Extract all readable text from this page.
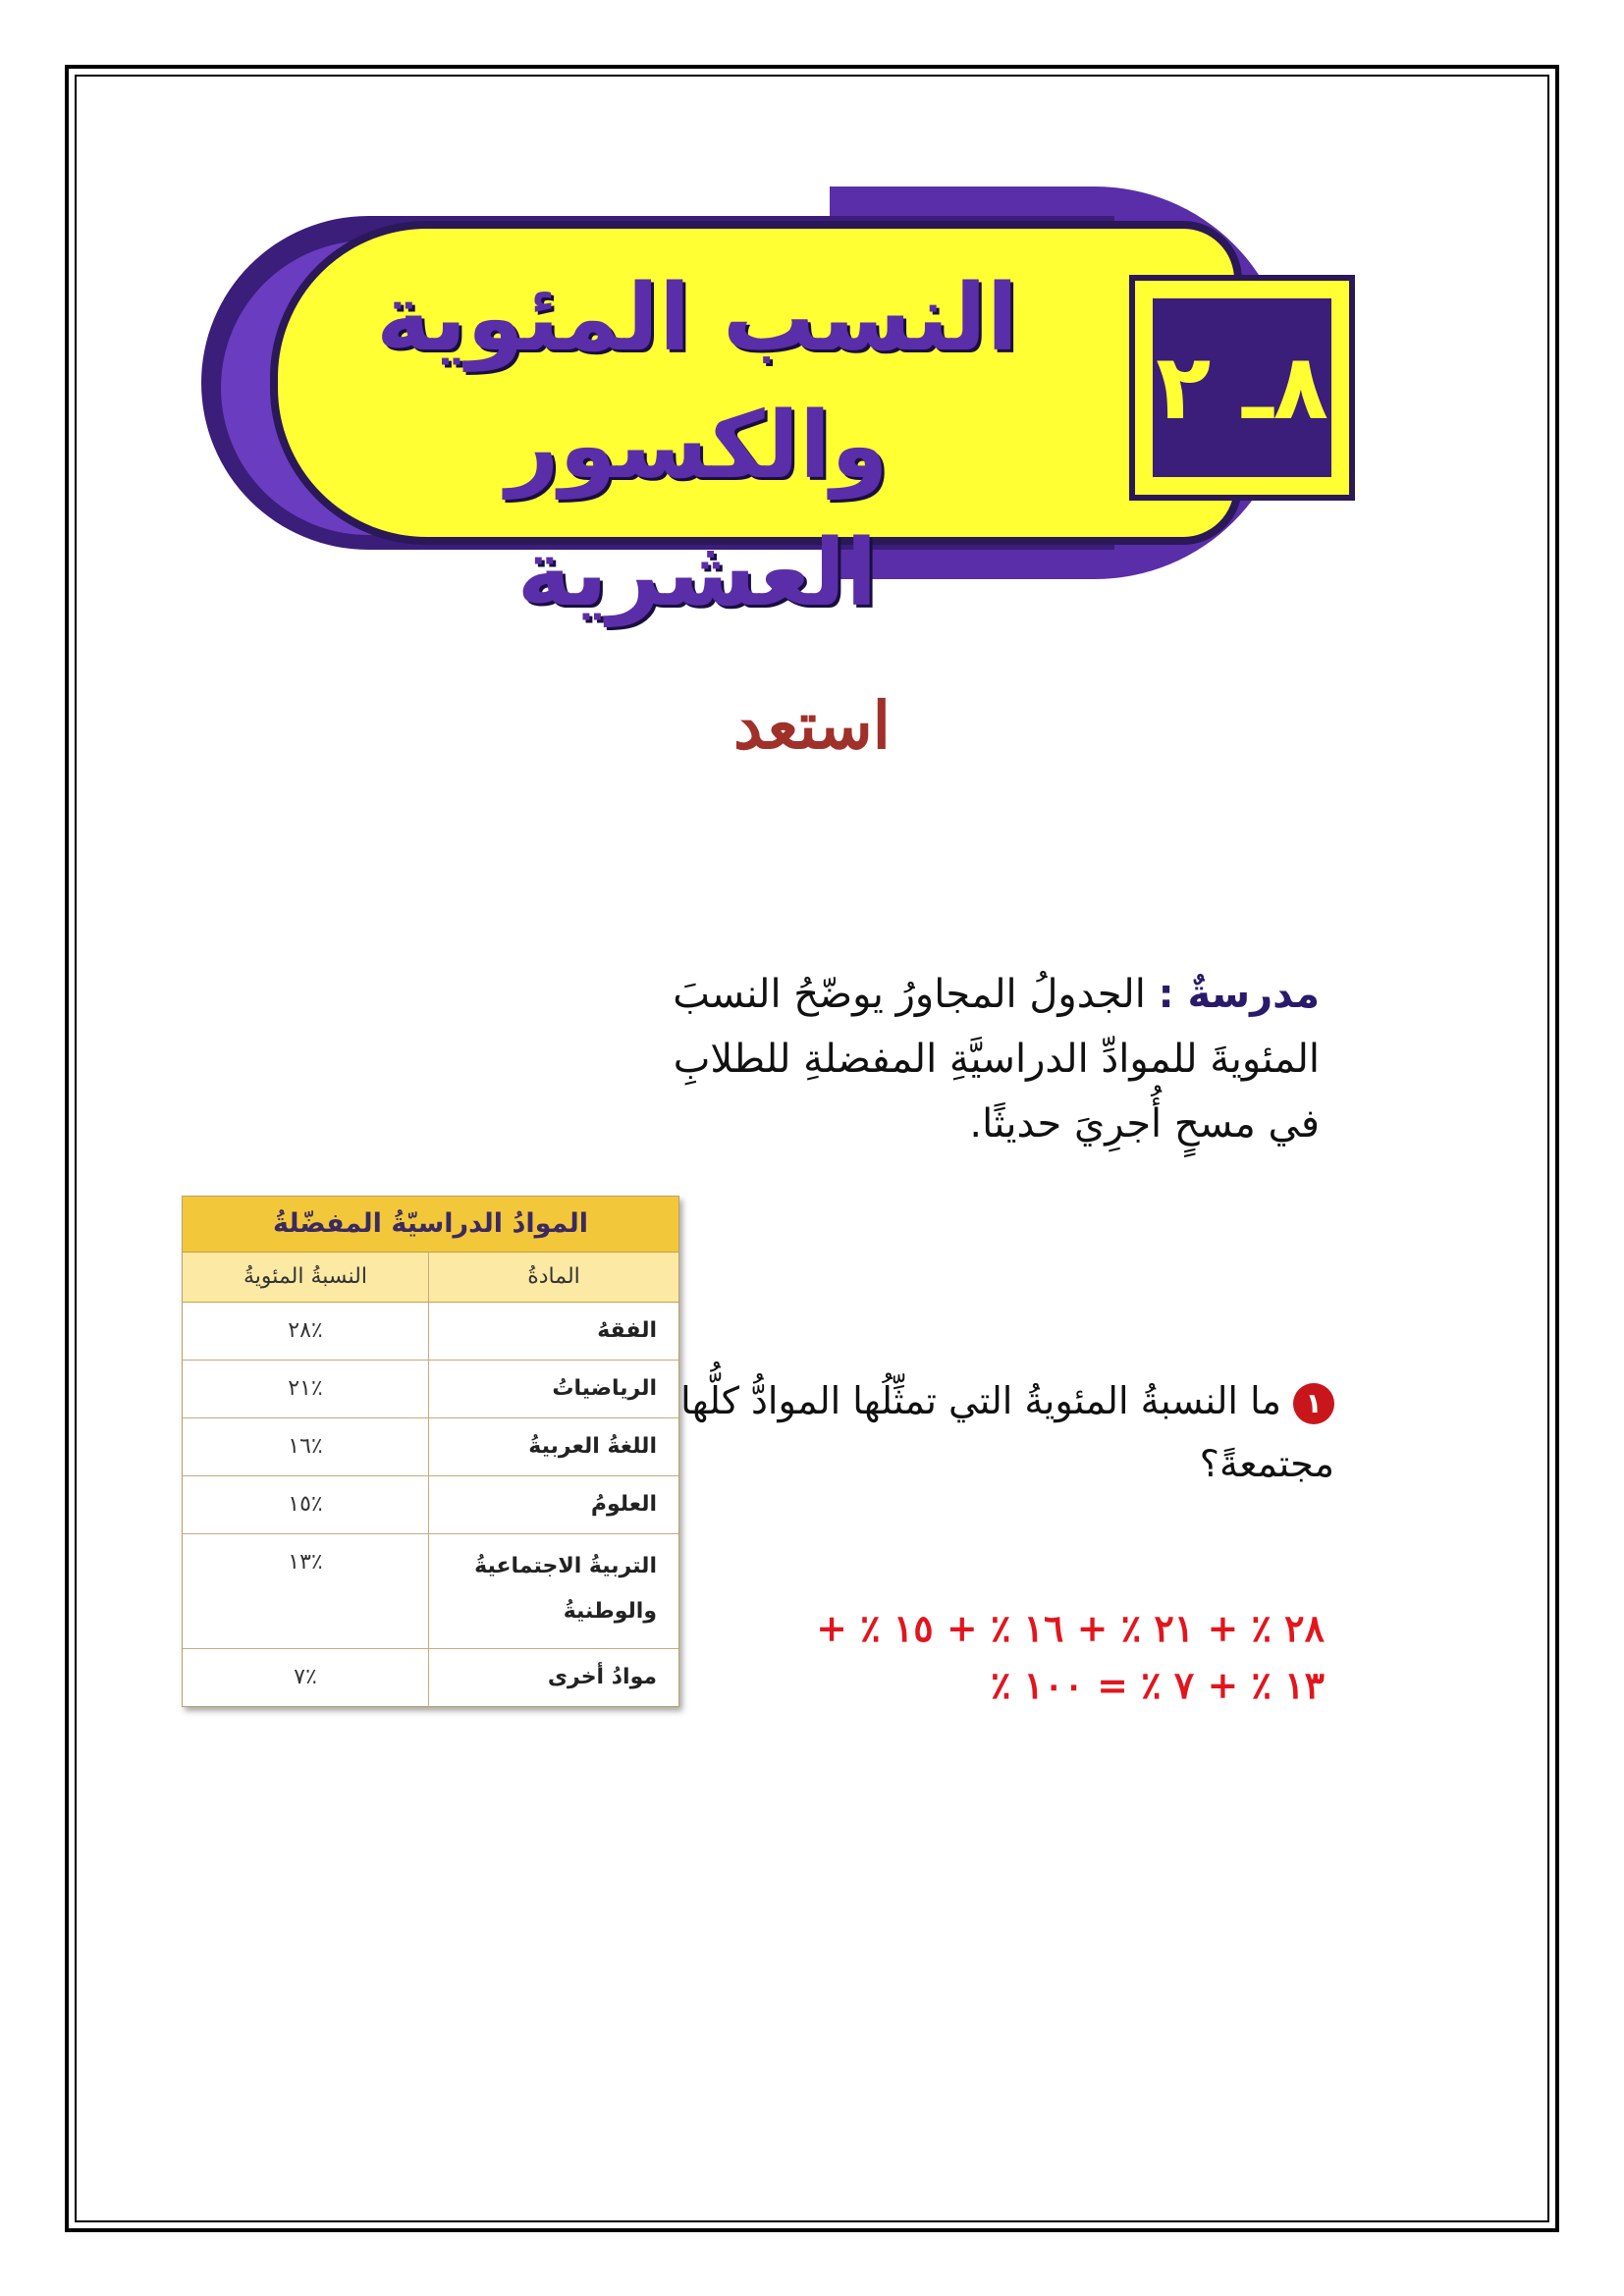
النسب المئوية
والكسور العشرية
٨ـ ٢
استعد
مدرسةٌ : الجدولُ المجاورُ يوضّحُ النسبَ المئويةَ للموادِّ الدراسيَّةِ المفضلةِ للطلابِ في مسحٍ أُجرِيَ حديثًا.
الموادُ الدراسيّةُ المفضّلةُ
المادةُ
النسبةُ المئويةُ
الفقهُ
٪٢٨
الرياضياتُ
٪٢١
اللغةُ العربيةُ
٪١٦
العلومُ
٪١٥
التربيةُ الاجتماعيةُ والوطنيةُ
٪١٣
موادُ أخرى
٪٧
١ما النسبةُ المئويةُ التي تمثِّلُها الموادُّ كلُّها مجتمعةً؟
٢٨ ٪ + ٢١ ٪ + ١٦ ٪ + ١٥ ٪ +
١٣ ٪ + ٧ ٪ = ١٠٠ ٪
